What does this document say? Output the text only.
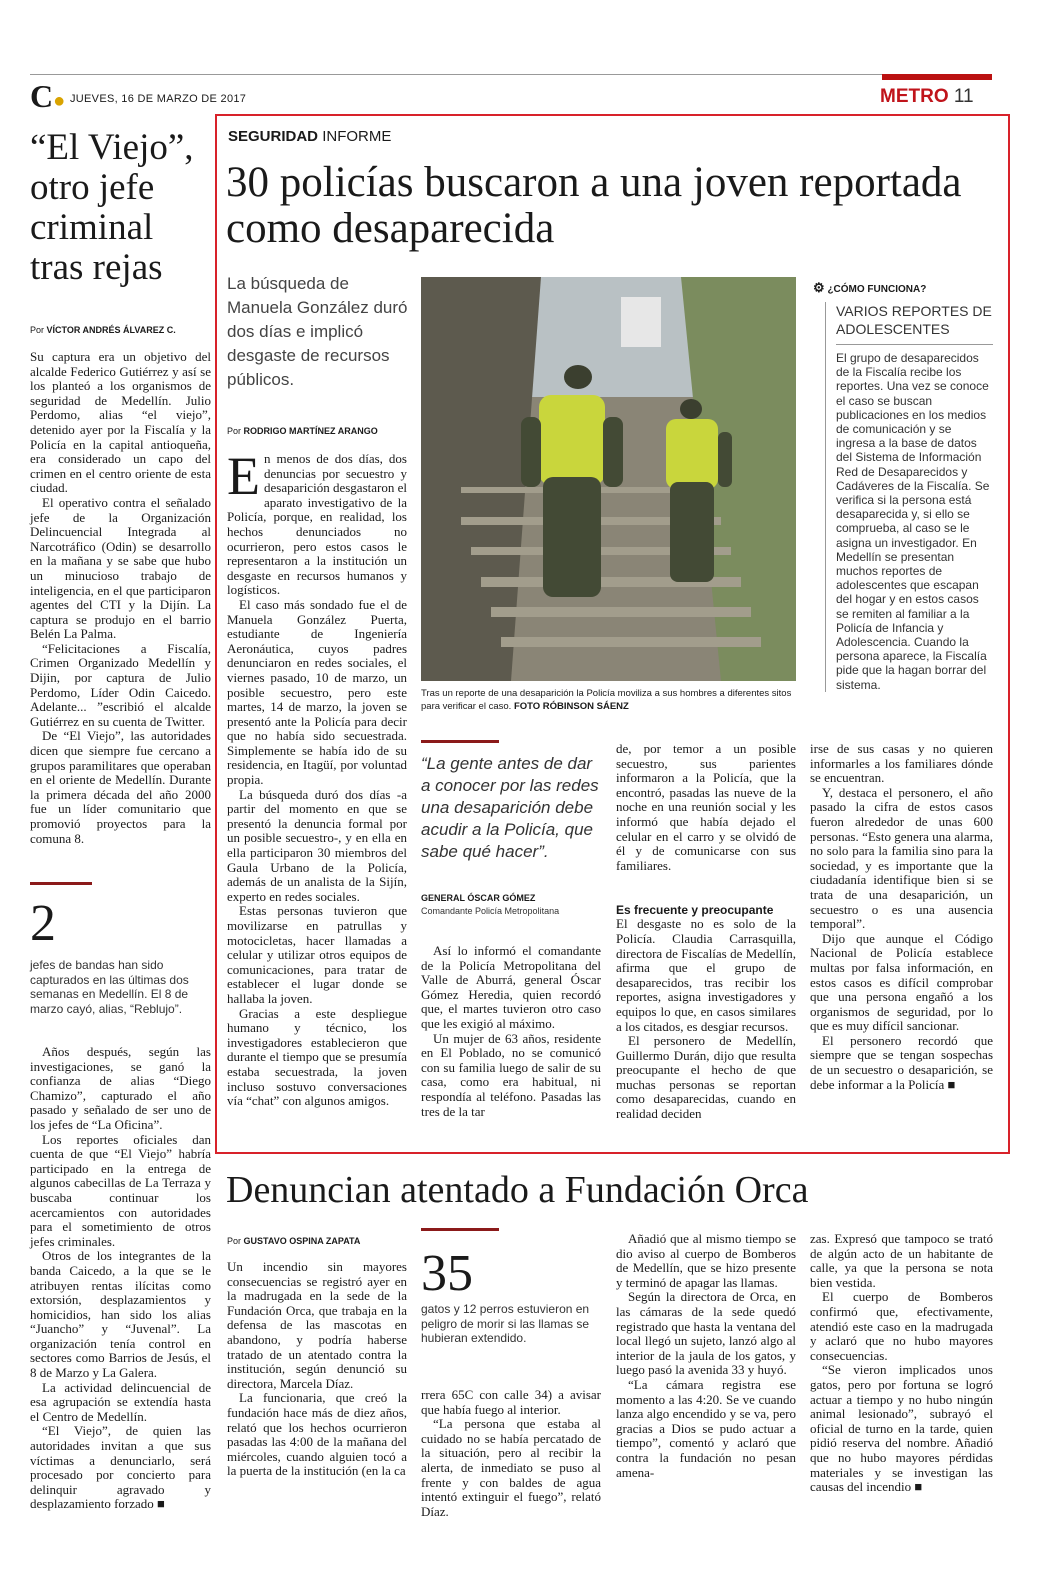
C● JUEVES, 16 DE MARZO DE 2017	METRO 11
“El Viejo”, otro jefe criminal tras rejas
Por VÍCTOR ANDRÉS ÁLVAREZ C.

Su captura era un objetivo del alcalde Federico Gutiérrez y así se los planteó a los organismos de seguridad de Medellín. Julio Perdomo, alias “el viejo”, detenido ayer por la Fiscalía y la Policía en la capital antioqueña, era considerado un capo del crimen en el centro oriente de esta ciudad.

El operativo contra el señalado jefe de la Organización Delincuencial Integrada al Narcotráfico (Odin) se desarrollo en la mañana y se sabe que hubo un minucioso trabajo de inteligencia, en el que participaron agentes del CTI y la Dijín. La captura se produjo en el barrio Belén La Palma.

“Felicitaciones a Fiscalía, Crimen Organizado Medellín y Dijin, por captura de Julio Perdomo, Líder Odin Caicedo. Adelante... ”escribió el alcalde Gutiérrez en su cuenta de Twitter.

De “El Viejo”, las autoridades dicen que siempre fue cercano a grupos paramilitares que operaban en el oriente de Medellín. Durante la primera década del año 2000 fue un líder comunitario que promovió proyectos para la comuna 8.

2
jefes de bandas han sido capturados en las últimas dos semanas en Medellín. El 8 de marzo cayó, alias, “Reblujo”.

Años después, según las investigaciones, se ganó la confianza de alias “Diego Chamizo”, capturado el año pasado y señalado de ser uno de los jefes de “La Oficina”.

Los reportes oficiales dan cuenta de que “El Viejo” habría participado en la entrega de algunos cabecillas de La Terraza y buscaba continuar los acercamientos con autoridades para el sometimiento de otros jefes criminales.

Otros de los integrantes de la banda Caicedo, a la que se le atribuyen rentas ilícitas como extorsión, desplazamientos y homicidios, han sido los alias “Juancho” y “Juvenal”. La organización tenía control en sectores como Barrios de Jesús, el 8 de Marzo y La Galera.

La actividad delincuencial de esa agrupación se extendía hasta el Centro de Medellín.

“El Viejo”, de quien las autoridades invitan a que sus víctimas a denunciarlo, será procesado por concierto para delinquir agravado y desplazamiento forzado ■

SEGURIDAD INFORME
30 policías buscaron a una joven reportada como desaparecida
La búsqueda de Manuela González duró dos días e implicó desgaste de recursos públicos.
Por RODRIGO MARTÍNEZ ARANGO

En menos de dos días, dos denuncias por secuestro y desaparición desgastaron el aparato investigativo de la Policía, porque, en realidad, los hechos denunciados no ocurrieron, pero estos casos le representaron a la institución un desgaste en recursos humanos y logísticos.

El caso más sondado fue el de Manuela González Puerta, estudiante de Ingeniería Aeronáutica, cuyos padres denunciaron en redes sociales, el viernes pasado, 10 de marzo, un posible secuestro, pero este martes, 14 de marzo, la joven se presentó ante la Policía para decir que no había sido secuestrada. Simplemente se había ido de su residencia, en Itagüí, por voluntad propia.

La búsqueda duró dos días -a partir del momento en que se presentó la denuncia formal por un posible secuestro-, y en ella en ella participaron 30 miembros del Gaula Urbano de la Policía, además de un analista de la Sijín, experto en redes sociales.

Estas personas tuvieron que movilizarse en patrullas y motocicletas, hacer llamadas a celular y utilizar otros equipos de comunicaciones, para tratar de establecer el lugar donde se hallaba la joven.

Gracias a este despliegue humano y técnico, los investigadores establecieron que durante el tiempo que se presumía estaba secuestrada, la joven incluso sostuvo conversaciones vía “chat” con algunos amigos.

Tras un reporte de una desaparición la Policía moviliza a sus hombres a diferentes sitos para verificar el caso. FOTO RÓBINSON SÁENZ
“La gente antes de dar a conocer por las redes una desaparición debe acudir a la Policía, que sabe qué hacer”.
GENERAL ÓSCAR GÓMEZ
Comandante Policía Metropolitana

Así lo informó el comandante de la Policía Metropolitana del Valle de Aburrá, general Óscar Gómez Heredia, quien recordó que, el martes tuvieron otro caso que les exigió al máximo.

Un mujer de 63 años, residente en El Poblado, no se comunicó con su familia luego de salir de su casa, como era habitual, ni respondía al teléfono. Pasadas las tres de la tar

de, por temor a un posible secuestro, sus parientes informaron a la Policía, que la encontró, pasadas las nueve de la noche en una reunión social y les informó que había dejado el celular en el carro y se olvidó de él y de comunicarse con sus familiares.

Es frecuente y preocupante

El desgaste no es solo de la Policía. Claudia Carrasquilla, directora de Fiscalías de Medellín, afirma que el grupo de desaparecidos, tras recibir los reportes, asigna investigadores y equipos lo que, en casos similares a los citados, es desgiar recursos.

El personero de Medellín, Guillermo Durán, dijo que resulta preocupante el hecho de que muchas personas se reportan como desaparecidas, cuando en realidad deciden

irse de sus casas y no quieren informarles a los familiares dónde se encuentran.

Y, destaca el personero, el año pasado la cifra de estos casos fueron alrededor de unas 600 personas. “Esto genera una alarma, no solo para la familia sino para la sociedad, y es importante que la ciudadanía identifique bien si se trata de una desaparición, un secuestro o es una ausencia temporal”.

Dijo que aunque el Código Nacional de Policía establece multas por falsa información, en estos casos es difícil comprobar que una persona engañó a los organismos de seguridad, por lo que es muy difícil sancionar.

El personero recordó que siempre que se tengan sospechas de un secuestro o desaparición, se debe informar a la Policía ■

⚙ ¿CÓMO FUNCIONA?
VARIOS REPORTES DE ADOLESCENTES
El grupo de desaparecidos de la Fiscalía recibe los reportes. Una vez se conoce el caso se buscan publicaciones en los medios de comunicación y se ingresa a la base de datos del Sistema de Información Red de Desaparecidos y Cadáveres de la Fiscalía. Se verifica si la persona está desaparecida y, si ello se comprueba, al caso se le asigna un investigador. En Medellín se presentan muchos reportes de adolescentes que escapan del hogar y en estos casos se remiten al familiar a la Policía de Infancia y Adolescencia. Cuando la persona aparece, la Fiscalía pide que la hagan borrar del sistema.
Denuncian atentado a Fundación Orca
Por GUSTAVO OSPINA ZAPATA

Un incendio sin mayores consecuencias se registró ayer en la madrugada en la sede de la Fundación Orca, que trabaja en la defensa de las mascotas en abandono, y podría haberse tratado de un atentado contra la institución, según denunció su directora, Marcela Díaz.

La funcionaria, que creó la fundación hace más de diez años, relató que los hechos ocurrieron pasadas las 4:00 de la mañana del miércoles, cuando alguien tocó a la puerta de la institución (en la ca

35
gatos y 12 perros estuvieron en peligro de morir si las llamas se hubieran extendido.

rrera 65C con calle 34) a avisar que había fuego al interior.

“La persona que estaba al cuidado no se había percatado de la situación, pero al recibir la alerta, de inmediato se puso al frente y con baldes de agua intentó extinguir el fuego”, relató Díaz.

Añadió que al mismo tiempo se dio aviso al cuerpo de Bomberos de Medellín, que se hizo presente y terminó de apagar las llamas.

Según la directora de Orca, en las cámaras de la sede quedó registrado que hasta la ventana del local llegó un sujeto, lanzó algo al interior de la jaula de los gatos, y luego pasó la avenida 33 y huyó.

“La cámara registra ese momento a las 4:20. Se ve cuando lanza algo encendido y se va, pero gracias a Dios se pudo actuar a tiempo”, comentó y aclaró que contra la fundación no pesan amena-

zas. Expresó que tampoco se trató de algún acto de un habitante de calle, ya que la persona se nota bien vestida.

El cuerpo de Bomberos confirmó que, efectivamente, atendió este caso en la madrugada y aclaró que no hubo mayores consecuencias.

“Se vieron implicados unos gatos, pero por fortuna se logró actuar a tiempo y no hubo ningún animal lesionado”, subrayó el oficial de turno en la tarde, quien pidió reserva del nombre. Añadió que no hubo mayores pérdidas materiales y se investigan las causas del incendio ■
